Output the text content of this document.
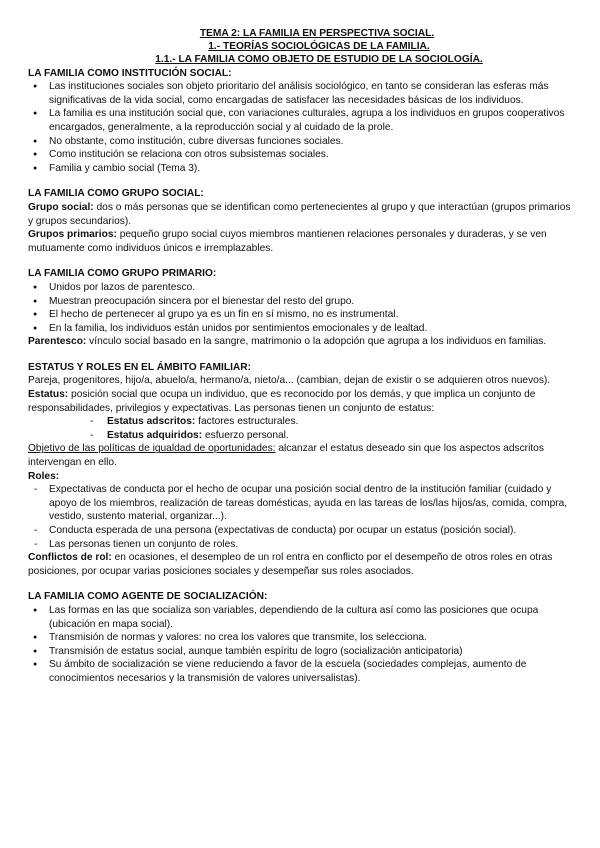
TEMA 2: LA FAMILIA EN PERSPECTIVA SOCIAL.
1.- TEORÍAS SOCIOLÓGICAS DE LA FAMILIA.
1.1.- LA FAMILIA COMO OBJETO DE ESTUDIO DE LA SOCIOLOGÍA.
LA FAMILIA COMO INSTITUCIÓN SOCIAL:
● Las instituciones sociales son objeto prioritario del análisis sociológico, en tanto se consideran las esferas más significativas de la vida social, como encargadas de satisfacer las necesidades básicas de los individuos.
● La familia es una institución social que, con variaciones culturales, agrupa a los individuos en grupos cooperativos encargados, generalmente, a la reproducción social y al cuidado de la prole.
● No obstante, como institución, cubre diversas funciones sociales.
● Como institución se relaciona con otros subsistemas sociales.
● Familia y cambio social (Tema 3).
LA FAMILIA COMO GRUPO SOCIAL:

Grupo social: dos o más personas que se identifican como pertenecientes al grupo y que interactúan (grupos primarios y grupos secundarios).

Grupos primarios: pequeño grupo social cuyos miembros mantienen relaciones personales y duraderas, y se ven mutuamente como individuos únicos e irremplazables.

LA FAMILIA COMO GRUPO PRIMARIO:
● Unidos por lazos de parentesco.
● Muestran preocupación sincera por el bienestar del resto del grupo.
● El hecho de pertenecer al grupo ya es un fin en sí mismo, no es instrumental.
● En la familia, los individuos están unidos por sentimientos emocionales y de lealtad.

Parentesco: vínculo social basado en la sangre, matrimonio o la adopción que agrupa a los individuos en familias.

ESTATUS Y ROLES EN EL ÁMBITO FAMILIAR:

Pareja, progenitores, hijo/a, abuelo/a, hermano/a, nieto/a... (cambian, dejan de existir o se adquieren otros nuevos).

Estatus: posición social que ocupa un individuo, que es reconocido por los demás, y que implica un conjunto de responsabilidades, privilegios y expectativas. Las personas tienen un conjunto de estatus:

- Estatus adscritos: factores estructurales.
- Estatus adquiridos: esfuerzo personal.

Objetivo de las políticas de igualdad de oportunidades: alcanzar el estatus deseado sin que los aspectos adscritos intervengan en ello.

Roles:

- Expectativas de conducta por el hecho de ocupar una posición social dentro de la institución familiar (cuidado y apoyo de los miembros, realización de tareas domésticas, ayuda en las tareas de los/las hijos/as, comida, compra, vestido, sustento material, organizar...).
- Conducta esperada de una persona (expectativas de conducta) por ocupar un estatus (posición social).
- Las personas tienen un conjunto de roles.

Conflictos de rol: en ocasiones, el desempleo de un rol entra en conflicto por el desempeño de otros roles en otras posiciones, por ocupar varias posiciones sociales y desempeñar sus roles asociados.

LA FAMILIA COMO AGENTE DE SOCIALIZACIÓN:
● Las formas en las que socializa son variables, dependiendo de la cultura así como las posiciones que ocupa (ubicación en mapa social).
● Transmisión de normas y valores: no crea los valores que transmite, los selecciona.
● Transmisión de estatus social, aunque también espíritu de logro (socialización anticipatoria)
● Su ámbito de socialización se viene reduciendo a favor de la escuela (sociedades complejas, aumento de conocimientos necesarios y la transmisión de valores universalistas).
